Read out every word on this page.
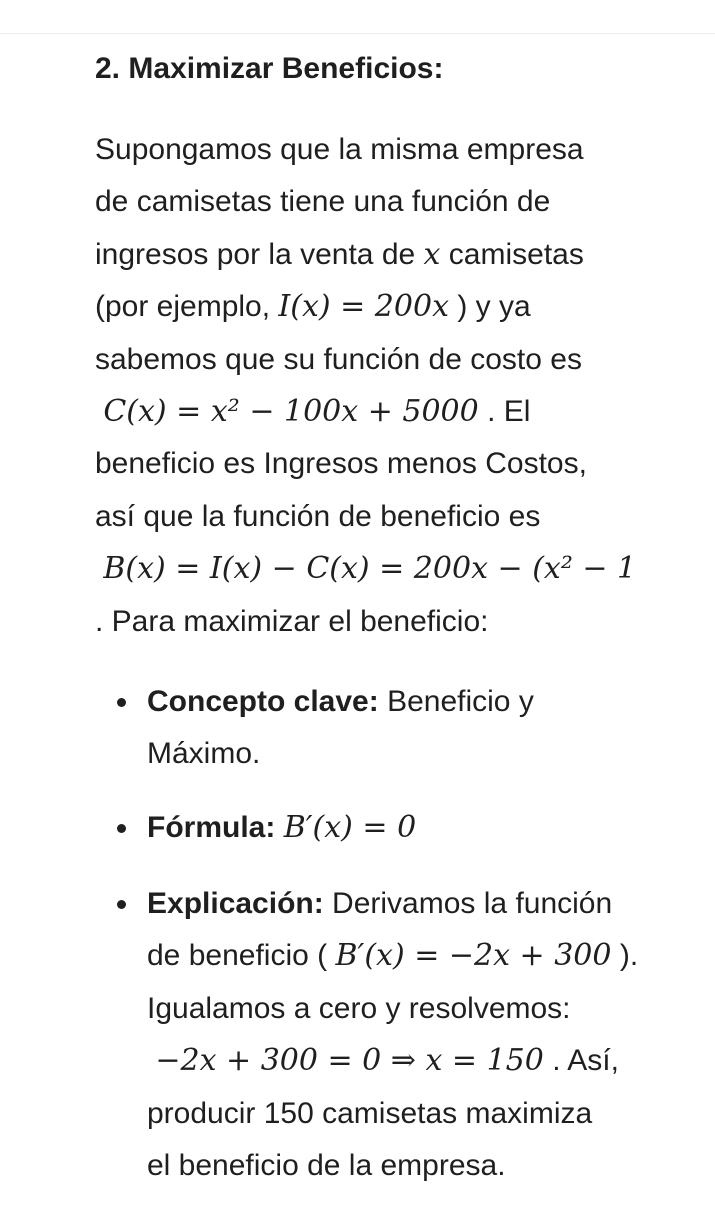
2. Maximizar Beneficios:
Supongamos que la misma empresa
de camisetas tiene una función de
ingresos por la venta de x camisetas
(por ejemplo, I(x) = 200x ) y ya
sabemos que su función de costo es
C(x) = x² − 100x + 5000 . El
beneficio es Ingresos menos Costos,
así que la función de beneficio es
B(x) = I(x) − C(x) = 200x − (x² − 1
. Para maximizar el beneficio:
Concepto clave: Beneficio y
Máximo.
Fórmula: B′(x) = 0
Explicación: Derivamos la función
de beneficio ( B′(x) = −2x + 300 ).
Igualamos a cero y resolvemos:
−2x + 300 = 0 ⇒ x = 150 . Así,
producir 150 camisetas maximiza
el beneficio de la empresa.
